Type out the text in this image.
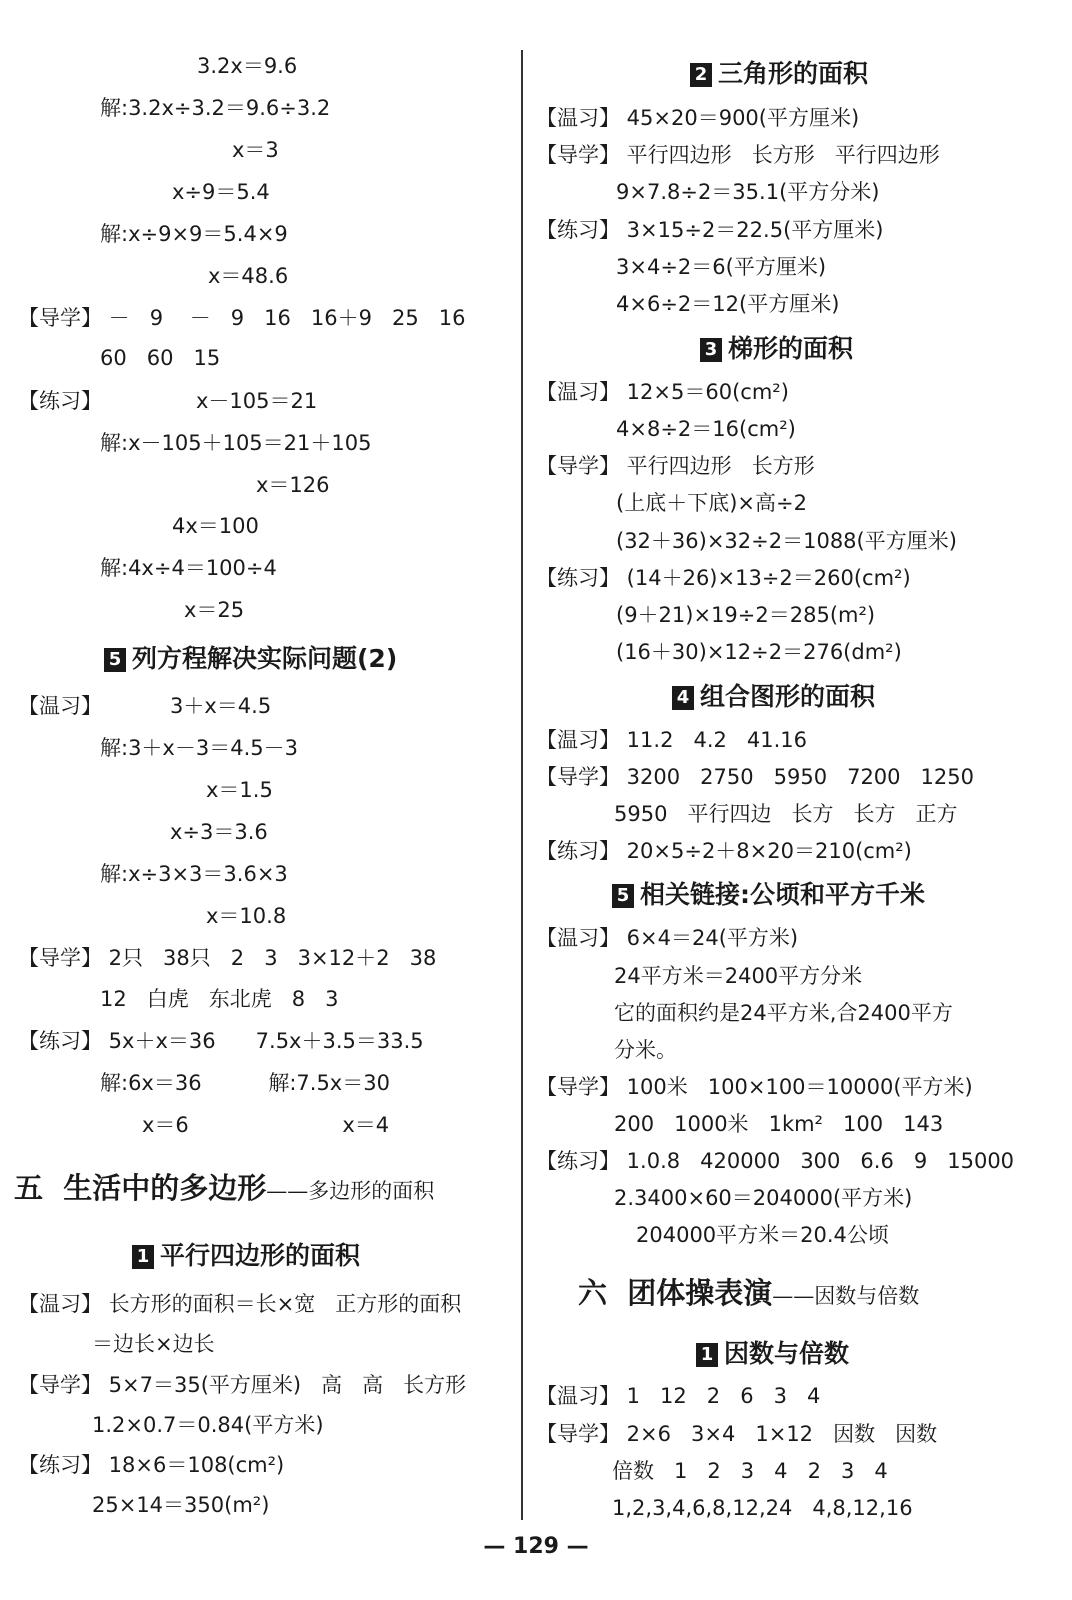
3.2x＝9.6
解:3.2x÷3.2＝9.6÷3.2
x＝3
x÷9＝5.4
解:x÷9×9＝5.4×9
x＝48.6
【导学】 －   9    －   9   16   16＋9   25   16
60   60   15
【练习】	x－105＝21
解:x－105＋105＝21＋105
x＝126
4x＝100
解:4x÷4＝100÷4
x＝25
5 列方程解决实际问题(2)
【温习】	3＋x＝4.5
解:3＋x－3＝4.5－3
x＝1.5
x÷3＝3.6
解:x÷3×3＝3.6×3
x＝10.8
【导学】 2只   38只   2   3   3×12＋2   38
12   白虎   东北虎   8   3
【练习】 5x＋x＝36      7.5x＋3.5＝33.5
解:6x＝36          解:7.5x＝30
x＝6                       x＝4
五  生活中的多边形——多边形的面积
1 平行四边形的面积
【温习】 长方形的面积＝长×宽   正方形的面积
＝边长×边长
【导学】 5×7＝35(平方厘米)   高   高   长方形
1.2×0.7＝0.84(平方米)
【练习】 18×6＝108(cm²)
25×14＝350(m²)
2 三角形的面积
【温习】 45×20＝900(平方厘米)
【导学】 平行四边形   长方形   平行四边形
9×7.8÷2＝35.1(平方分米)
【练习】 3×15÷2＝22.5(平方厘米)
3×4÷2＝6(平方厘米)
4×6÷2＝12(平方厘米)
3 梯形的面积
【温习】 12×5＝60(cm²)
4×8÷2＝16(cm²)
【导学】 平行四边形   长方形
(上底＋下底)×高÷2
(32＋36)×32÷2＝1088(平方厘米)
【练习】 (14＋26)×13÷2＝260(cm²)
(9＋21)×19÷2＝285(m²)
(16＋30)×12÷2＝276(dm²)
4 组合图形的面积
【温习】 11.2   4.2   41.16
【导学】 3200   2750   5950   7200   1250
5950   平行四边   长方   长方   正方
【练习】 20×5÷2＋8×20＝210(cm²)
5 相关链接:公顷和平方千米
【温习】 6×4＝24(平方米)
24平方米＝2400平方分米
它的面积约是24平方米,合2400平方
分米。
【导学】 100米   100×100＝10000(平方米)
200   1000米   1km²   100   143
【练习】 1.0.8   420000   300   6.6   9   15000
2.3400×60＝204000(平方米)
204000平方米＝20.4公顷
六  团体操表演——因数与倍数
1 因数与倍数
【温习】 1   12   2   6   3   4
【导学】 2×6   3×4   1×12   因数   因数
倍数   1   2   3   4   2   3   4
1,2,3,4,6,8,12,24   4,8,12,16
— 129 —
